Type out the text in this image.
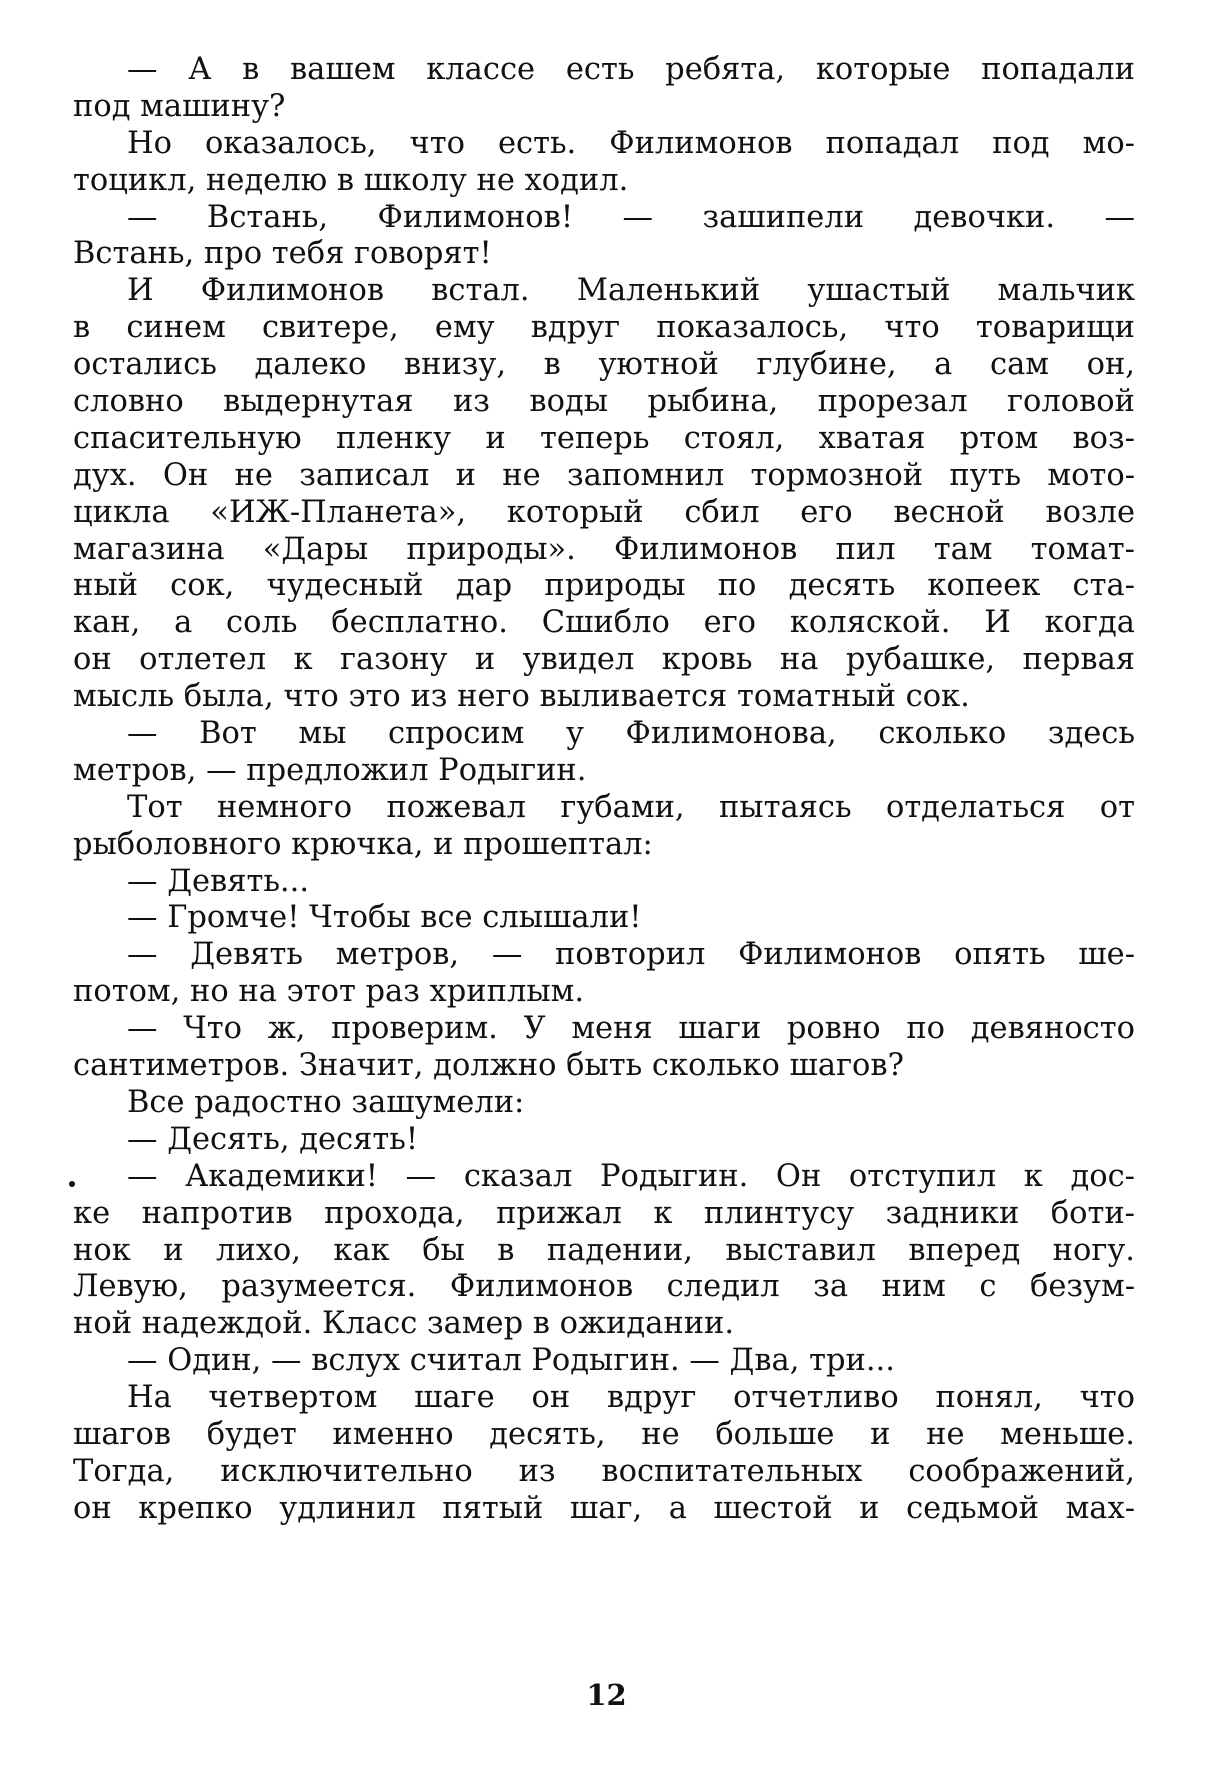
— А в вашем классе есть ребята, которые попадали
под машину?

Но оказалось, что есть. Филимонов попадал под мо-
тоцикл, неделю в школу не ходил.

— Встань, Филимонов! — зашипели девочки. —
Встань, про тебя говорят!

И Филимонов встал. Маленький ушастый мальчик
в синем свитере, ему вдруг показалось, что товарищи
остались далеко внизу, в уютной глубине, а сам он,
словно выдернутая из воды рыбина, прорезал головой
спасительную пленку и теперь стоял, хватая ртом воз-
дух. Он не записал и не запомнил тормозной путь мото-
цикла «ИЖ-Планета», который сбил его весной возле
магазина «Дары природы». Филимонов пил там томат-
ный сок, чудесный дар природы по десять копеек ста-
кан, а соль бесплатно. Сшибло его коляской. И когда
он отлетел к газону и увидел кровь на рубашке, первая
мысль была, что это из него выливается томатный сок.

— Вот мы спросим у Филимонова, сколько здесь
метров, — предложил Родыгин.

Тот немного пожевал губами, пытаясь отделаться от
рыболовного крючка, и прошептал:

— Девять...

— Громче! Чтобы все слышали!

— Девять метров, — повторил Филимонов опять ше-
потом, но на этот раз хриплым.

— Что ж, проверим. У меня шаги ровно по девяносто
сантиметров. Значит, должно быть сколько шагов?

Все радостно зашумели:

— Десять, десять!

— Академики! — сказал Родыгин. Он отступил к дос-
ке напротив прохода, прижал к плинтусу задники боти-
нок и лихо, как бы в падении, выставил вперед ногу.
Левую, разумеется. Филимонов следил за ним с безум-
ной надеждой. Класс замер в ожидании.

— Один, — вслух считал Родыгин. — Два, три...

На четвертом шаге он вдруг отчетливо понял, что
шагов будет именно десять, не больше и не меньше.
Тогда, исключительно из воспитательных соображений,
он крепко удлинил пятый шаг, а шестой и седьмой мах-

12
